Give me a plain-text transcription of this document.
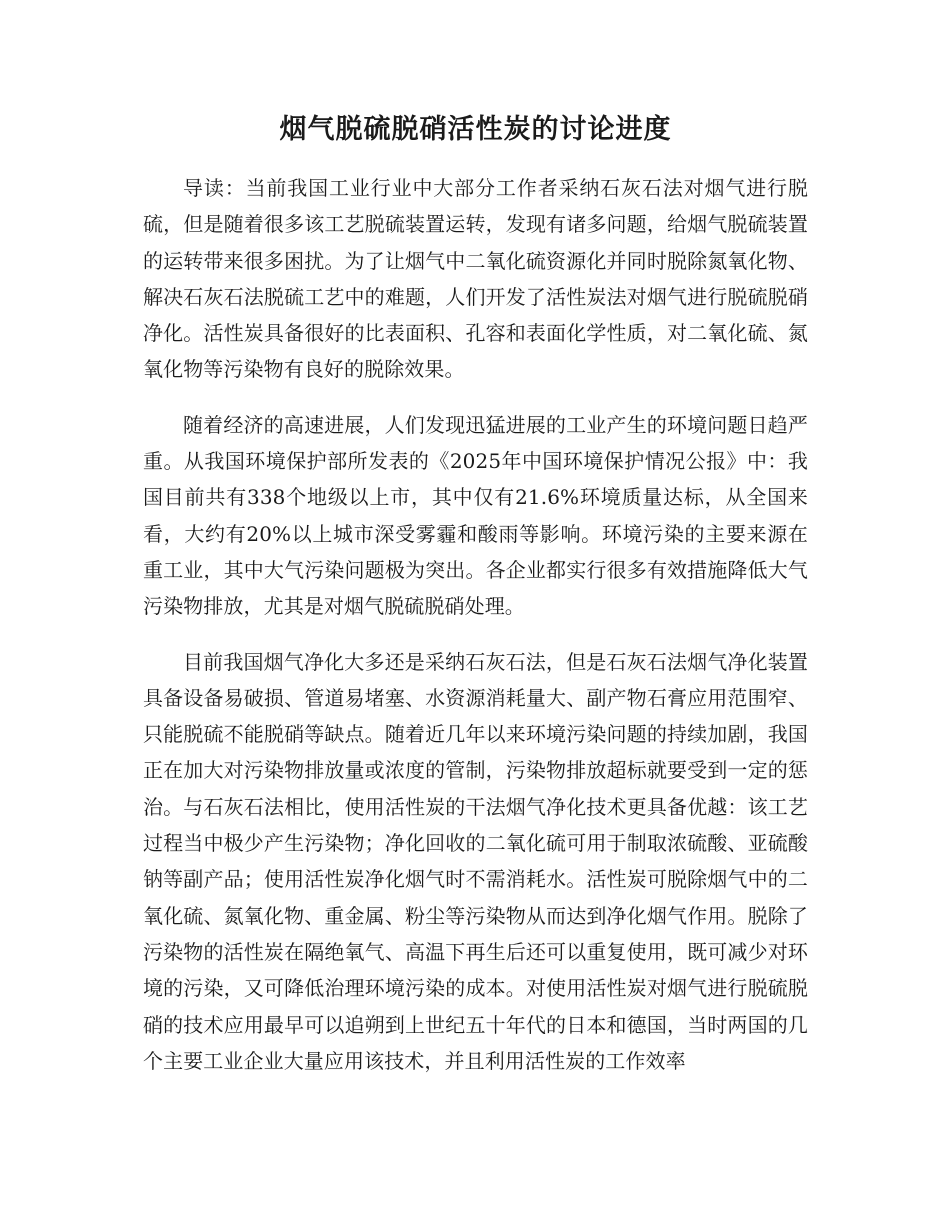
烟气脱硫脱硝活性炭的讨论进度

导读：当前我国工业行业中大部分工作者采纳石灰石法对烟气进行脱硫，但是随着很多该工艺脱硫装置运转，发现有诸多问题，给烟气脱硫装置的运转带来很多困扰。为了让烟气中二氧化硫资源化并同时脱除氮氧化物、解决石灰石法脱硫工艺中的难题，人们开发了活性炭法对烟气进行脱硫脱硝净化。活性炭具备很好的比表面积、孔容和表面化学性质，对二氧化硫、氮氧化物等污染物有良好的脱除效果。

随着经济的高速进展，人们发现迅猛进展的工业产生的环境问题日趋严重。从我国环境保护部所发表的《2025年中国环境保护情况公报》中：我国目前共有338个地级以上市，其中仅有21.6%环境质量达标，从全国来看，大约有20%以上城市深受雾霾和酸雨等影响。环境污染的主要来源在重工业，其中大气污染问题极为突出。各企业都实行很多有效措施降低大气污染物排放，尤其是对烟气脱硫脱硝处理。

目前我国烟气净化大多还是采纳石灰石法，但是石灰石法烟气净化装置具备设备易破损、管道易堵塞、水资源消耗量大、副产物石膏应用范围窄、只能脱硫不能脱硝等缺点。随着近几年以来环境污染问题的持续加剧，我国正在加大对污染物排放量或浓度的管制，污染物排放超标就要受到一定的惩治。与石灰石法相比，使用活性炭的干法烟气净化技术更具备优越：该工艺过程当中极少产生污染物；净化回收的二氧化硫可用于制取浓硫酸、亚硫酸钠等副产品；使用活性炭净化烟气时不需消耗水。活性炭可脱除烟气中的二氧化硫、氮氧化物、重金属、粉尘等污染物从而达到净化烟气作用。脱除了污染物的活性炭在隔绝氧气、高温下再生后还可以重复使用，既可减少对环境的污染，又可降低治理环境污染的成本。对使用活性炭对烟气进行脱硫脱硝的技术应用最早可以追朔到上世纪五十年代的日本和德国，当时两国的几个主要工业企业大量应用该技术，并且利用活性炭的工作效率
